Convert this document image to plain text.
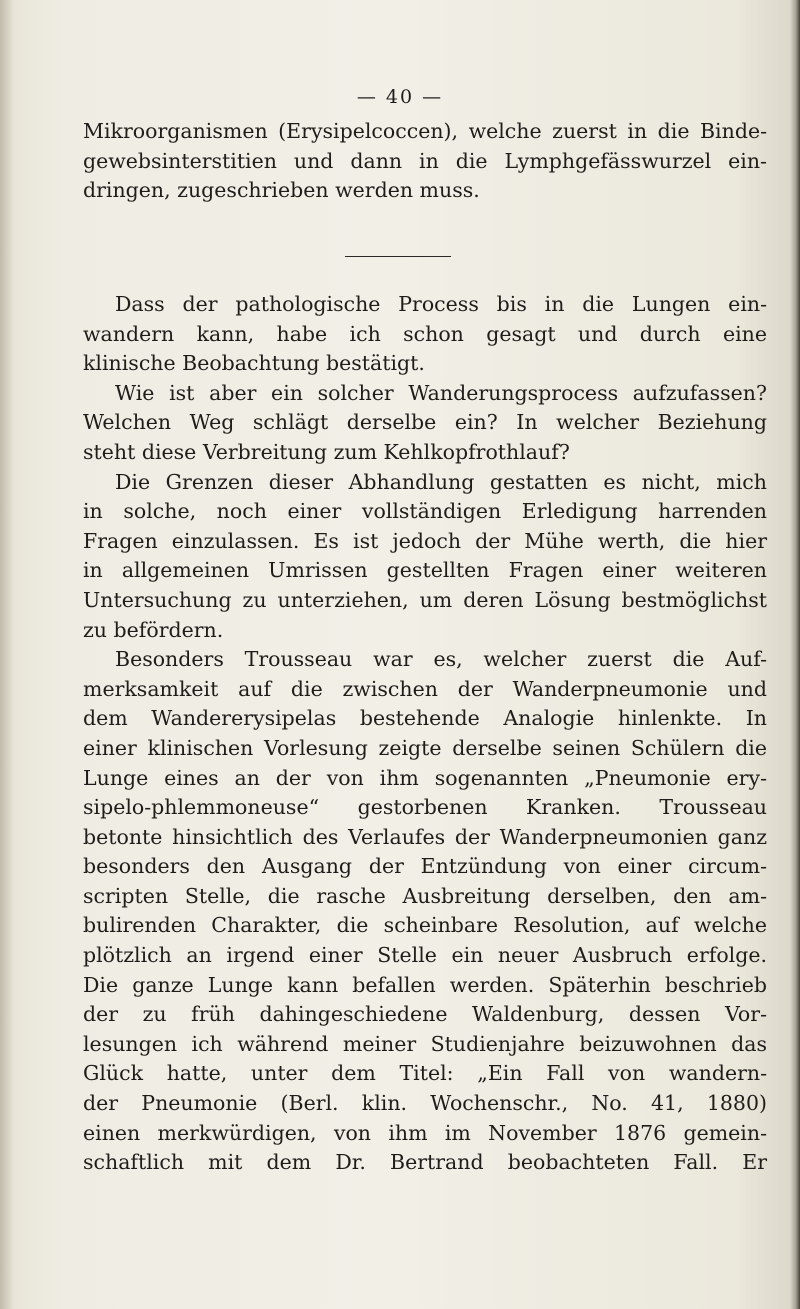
— 40 —
Mikroorganismen (Erysipelcoccen), welche zuerst in die Binde-
gewebsinterstitien und dann in die Lymphgefässwurzel ein-
dringen, zugeschrieben werden muss.
Dass der pathologische Process bis in die Lungen ein-
wandern kann, habe ich schon gesagt und durch eine
klinische Beobachtung bestätigt.
Wie ist aber ein solcher Wanderungsprocess aufzufassen?
Welchen Weg schlägt derselbe ein? In welcher Beziehung
steht diese Verbreitung zum Kehlkopfrothlauf?
Die Grenzen dieser Abhandlung gestatten es nicht, mich
in solche, noch einer vollständigen Erledigung harrenden
Fragen einzulassen. Es ist jedoch der Mühe werth, die hier
in allgemeinen Umrissen gestellten Fragen einer weiteren
Untersuchung zu unterziehen, um deren Lösung bestmöglichst
zu befördern.
Besonders Trousseau war es, welcher zuerst die Auf-
merksamkeit auf die zwischen der Wanderpneumonie und
dem Wandererysipelas bestehende Analogie hinlenkte. In
einer klinischen Vorlesung zeigte derselbe seinen Schülern die
Lunge eines an der von ihm sogenannten „Pneumonie ery-
sipelo-phlemmoneuse“ gestorbenen Kranken. Trousseau
betonte hinsichtlich des Verlaufes der Wanderpneumonien ganz
besonders den Ausgang der Entzündung von einer circum-
scripten Stelle, die rasche Ausbreitung derselben, den am-
bulirenden Charakter, die scheinbare Resolution, auf welche
plötzlich an irgend einer Stelle ein neuer Ausbruch erfolge.
Die ganze Lunge kann befallen werden. Späterhin beschrieb
der zu früh dahingeschiedene Waldenburg, dessen Vor-
lesungen ich während meiner Studienjahre beizuwohnen das
Glück hatte, unter dem Titel: „Ein Fall von wandern-
der Pneumonie (Berl. klin. Wochenschr., No. 41, 1880)
einen merkwürdigen, von ihm im November 1876 gemein-
schaftlich mit dem Dr. Bertrand beobachteten Fall. Er
